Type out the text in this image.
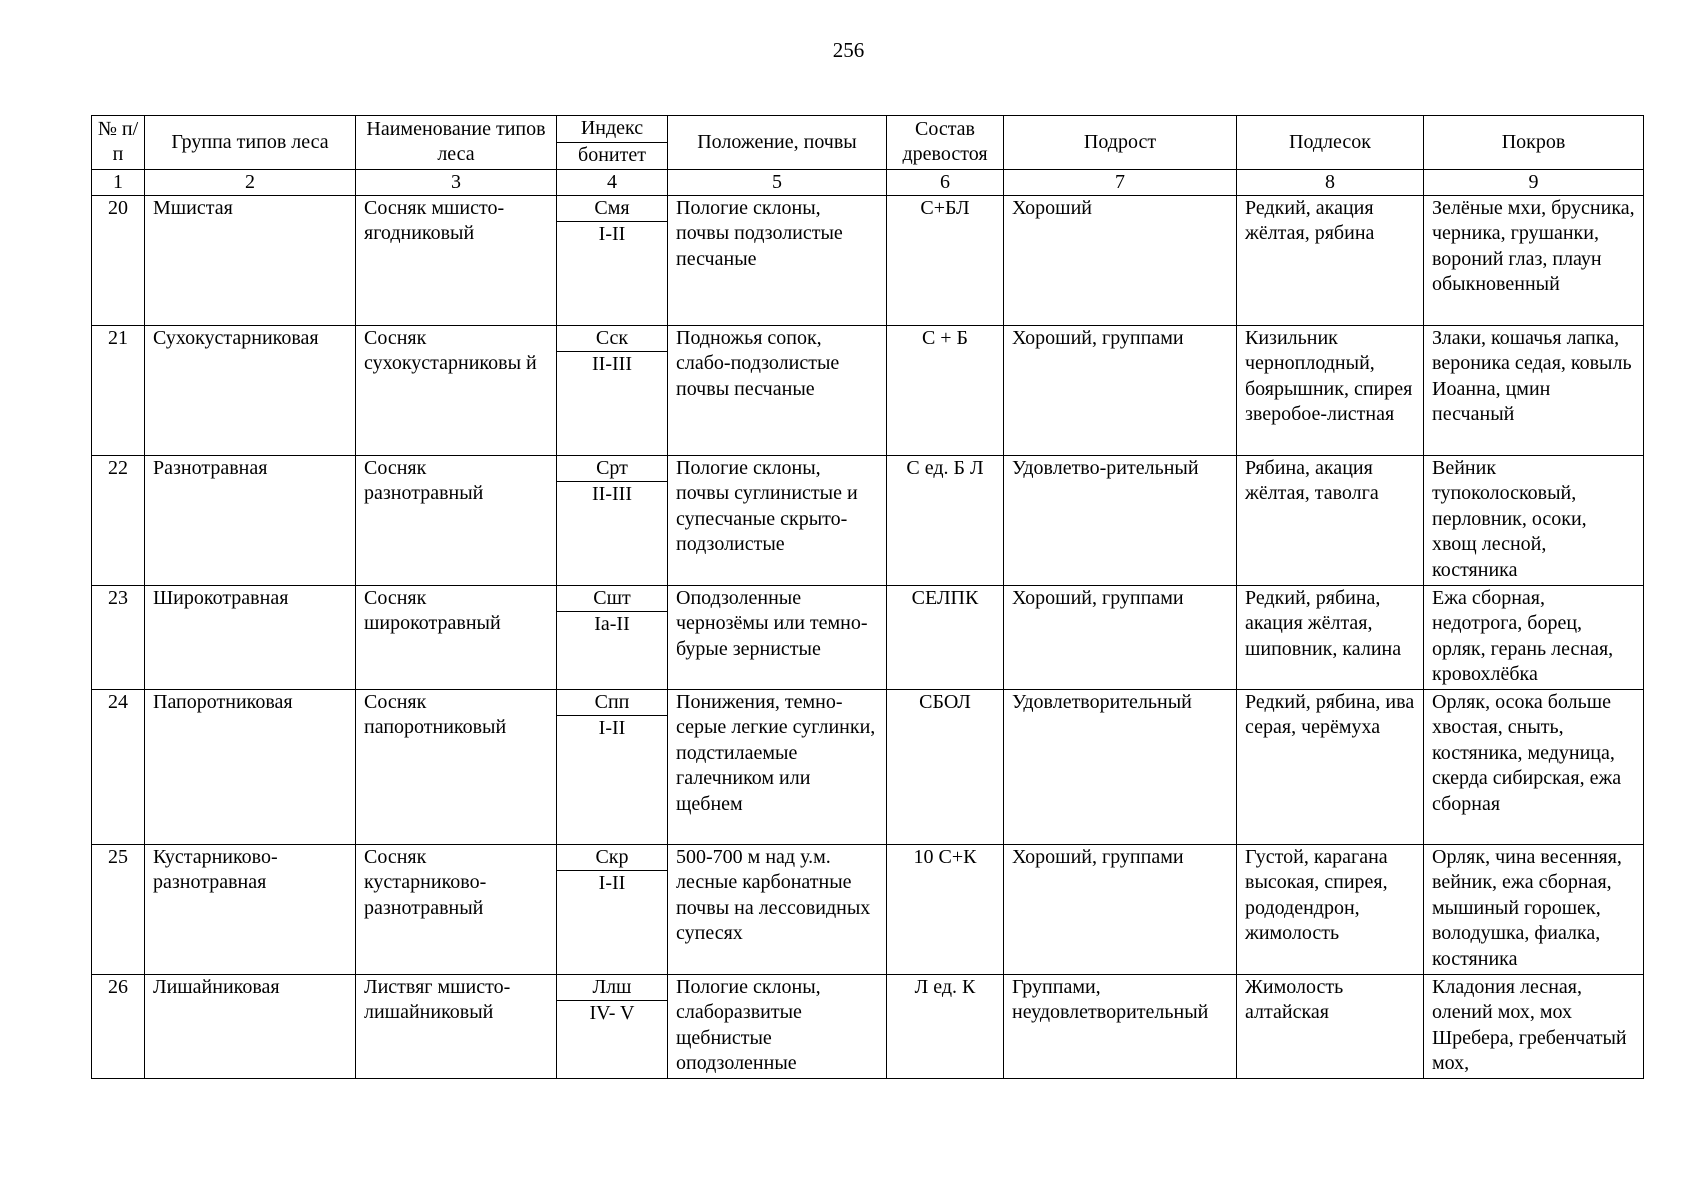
256
№ п/п	Группа типов леса	Наименование типов леса	Индекс	Положение, почвы	Состав древостоя	Подрост	Подлесок	Покров
			бонитет					
1	2	3	4	5	6	7	8	9
20	Мшистая	Сосняк мшисто-ягодниковый	Смя	Пологие склоны, почвы подзолистые песчаные	С+БЛ	Хороший	Редкий, акация жёлтая, рябина	Зелёные мхи, брусника, черника, грушанки, вороний глаз, плаун обыкновенный
			I-II					
21	Сухокустарниковая	Сосняк сухокустарниковы й	Сск	Подножья сопок, слабо-подзолистые почвы песчаные	С + Б	Хороший, группами	Кизильник черноплодный, боярышник, спирея зверобое-листная	Злаки, кошачья лапка, вероника седая, ковыль Иоанна, цмин песчаный
			II-III					
22	Разнотравная	Сосняк разнотравный	Срт	Пологие склоны, почвы суглинистые и супесчаные скрыто-подзолистые	С ед. Б Л	Удовлетво-рительный	Рябина, акация жёлтая, таволга	Вейник тупоколосковый, перловник, осоки, хвощ лесной, костяника
			II-III					
23	Широкотравная	Сосняк широкотравный	Сшт	Оподзоленные чернозёмы или темно-бурые зернистые	СЕЛПК	Хороший, группами	Редкий, рябина, акация жёлтая, шиповник, калина	Ежа сборная, недотрога, борец, орляк, герань лесная, кровохлёбка
			Ia-II					
24	Папоротниковая	Сосняк папоротниковый	Спп	Понижения, темно-серые легкие суглинки, подстилаемые галечником или щебнем	СБОЛ	Удовлетворительный	Редкий, рябина, ива серая, черёмуха	Орляк, осока больше хвостая, сныть, костяника, медуница, скерда сибирская, ежа сборная
			I-II					
25	Кустарниково-разнотравная	Сосняк кустарниково-разнотравный	Скр	500-700 м над у.м. лесные карбонатные почвы на лессовидных супесях	10 С+К	Хороший, группами	Густой, карагана высокая, спирея, рододендрон, жимолость	Орляк, чина весенняя, вейник, ежа сборная, мышиный горошек, володушка, фиалка, костяника
			I-II					
26	Лишайниковая	Листвяг мшисто-лишайниковый	Ллш	Пологие склоны, слаборазвитые щебнистые оподзоленные	Л ед. К	Группами, неудовлетворительный	Жимолость алтайская	Кладония лесная, олений мох, мох Шребера, гребенчатый мох,
			IV- V					
